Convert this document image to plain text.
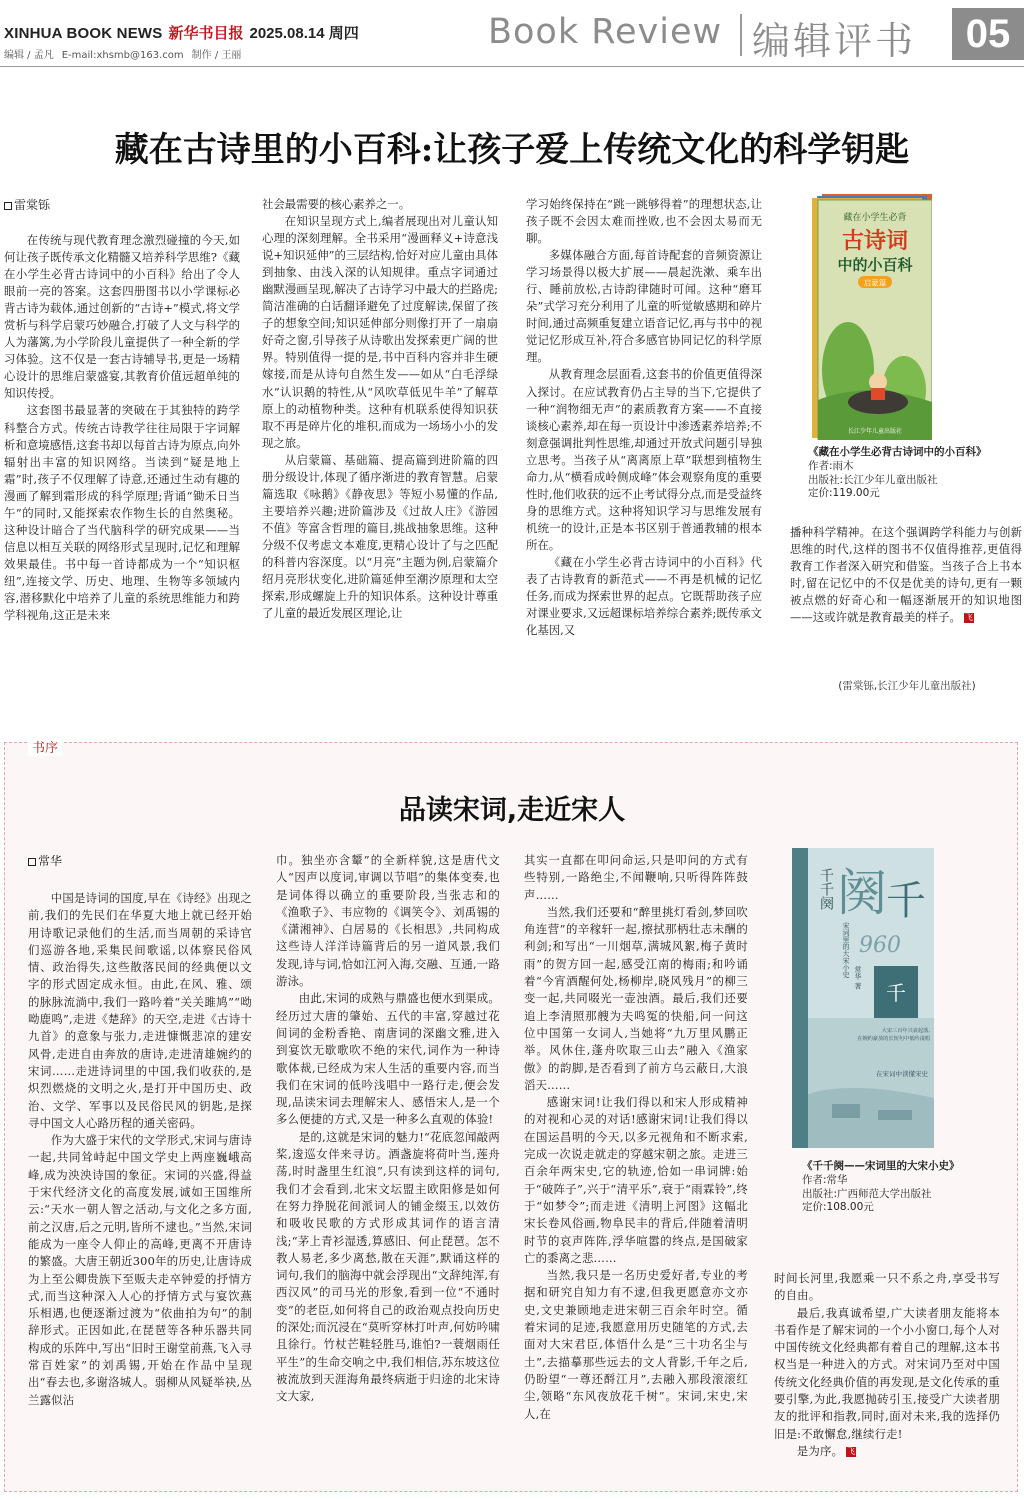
XINHUA BOOK NEWS 新华书目报 2025.08.14 周四
编辑 / 孟凡 E-mail:xhsmb@163.com 制作 / 王丽
Book Review 编辑评书	05
藏在古诗里的小百科:让孩子爱上传统文化的科学钥匙
雷棠铄

在传统与现代教育理念激烈碰撞的今天,如何让孩子既传承文化精髓又培养科学思维?《藏在小学生必背古诗词中的小百科》给出了令人眼前一亮的答案。这套四册图书以小学课标必背古诗为载体,通过创新的“古诗+”模式,将文学赏析与科学启蒙巧妙融合,打破了人文与科学的人为藩篱,为小学阶段儿童提供了一种全新的学习体验。这不仅是一套古诗辅导书,更是一场精心设计的思维启蒙盛宴,其教育价值远超单纯的知识传授。

这套图书最显著的突破在于其独特的跨学科整合方式。传统古诗教学往往局限于字词解析和意境感悟,这套书却以每首古诗为原点,向外辐射出丰富的知识网络。当读到“疑是地上霜”时,孩子不仅理解了诗意,还通过生动有趣的漫画了解到霜形成的科学原理;背诵“锄禾日当午”的同时,又能探索农作物生长的自然奥秘。这种设计暗合了当代脑科学的研究成果——当信息以相互关联的网络形式呈现时,记忆和理解效果最佳。书中每一首诗都成为一个“知识枢纽”,连接文学、历史、地理、生物等多领域内容,潜移默化中培养了儿童的系统思维能力和跨学科视角,这正是未来

社会最需要的核心素养之一。

在知识呈现方式上,编者展现出对儿童认知心理的深刻理解。全书采用“漫画释义+诗意浅说+知识延伸”的三层结构,恰好对应儿童由具体到抽象、由浅入深的认知规律。重点字词通过幽默漫画呈现,解决了古诗学习中最大的拦路虎;简洁准确的白话翻译避免了过度解读,保留了孩子的想象空间;知识延伸部分则像打开了一扇扇好奇之窗,引导孩子从诗歌出发探索更广阔的世界。特别值得一提的是,书中百科内容并非生硬嫁接,而是从诗句自然生发——如从“白毛浮绿水”认识鹅的特性,从“风吹草低见牛羊”了解草原上的动植物种类。这种有机联系使得知识获取不再是碎片化的堆积,而成为一场场小小的发现之旅。

从启蒙篇、基础篇、提高篇到进阶篇的四册分级设计,体现了循序渐进的教育智慧。启蒙篇选取《咏鹅》《静夜思》等短小易懂的作品,主要培养兴趣;进阶篇涉及《过故人庄》《游园不值》等富含哲理的篇目,挑战抽象思维。这种分级不仅考虑文本难度,更精心设计了与之匹配的科普内容深度。以“月亮”主题为例,启蒙篇介绍月亮形状变化,进阶篇延伸至潮汐原理和太空探索,形成螺旋上升的知识体系。这种设计尊重了儿童的最近发展区理论,让

学习始终保持在“跳一跳够得着”的理想状态,让孩子既不会因太难而挫败,也不会因太易而无聊。

多媒体融合方面,每首诗配套的音频资源让学习场景得以极大扩展——晨起洗漱、乘车出行、睡前放松,古诗韵律随时可闻。这种“磨耳朵”式学习充分利用了儿童的听觉敏感期和碎片时间,通过高频重复建立语音记忆,再与书中的视觉记忆形成互补,符合多感官协同记忆的科学原理。

从教育理念层面看,这套书的价值更值得深入探讨。在应试教育仍占主导的当下,它提供了一种“润物细无声”的素质教育方案——不直接谈核心素养,却在每一页设计中渗透素养培养;不刻意强调批判性思维,却通过开放式问题引导独立思考。当孩子从“离离原上草”联想到植物生命力,从“横看成岭侧成峰”体会观察角度的重要性时,他们收获的远不止考试得分点,而是受益终身的思维方式。这种将知识学习与思维发展有机统一的设计,正是本书区别于普通教辅的根本所在。

《藏在小学生必背古诗词中的小百科》代表了古诗教育的新范式——不再是机械的记忆任务,而成为探索世界的起点。它既帮助孩子应对课业要求,又远超课标培养综合素养;既传承文化基因,又

藏在小学生必背
古诗词
中的小百科
启蒙篇
长江少年儿童出版社
《藏在小学生必背古诗词中的小百科》
作者:雨木
出版社:长江少年儿童出版社
定价:119.00元

播种科学精神。在这个强调跨学科能力与创新思维的时代,这样的图书不仅值得推荐,更值得教育工作者深入研究和借鉴。当孩子合上书本时,留在记忆中的不仅是优美的诗句,更有一颗被点燃的好奇心和一幅逐渐展开的知识地图——这或许就是教育最美的样子。 飞

(雷棠铄,长江少年儿童出版社)
书序
品读宋词,走近宋人
常华

中国是诗词的国度,早在《诗经》出现之前,我们的先民们在华夏大地上就已经开始用诗歌记录他们的生活,而当周朝的采诗官们巡游各地,采集民间歌谣,以体察民俗风情、政治得失,这些散落民间的经典便以文字的形式固定成永恒。由此,在风、雅、颂的脉脉流淌中,我们一路吟着“关关雎鸠”“呦呦鹿鸣”,走进《楚辞》的天空,走进《古诗十九首》的意象与张力,走进慷慨悲凉的建安风骨,走进自由奔放的唐诗,走进清雄婉约的宋词……走进诗词里的中国,我们收获的,是炽烈燃烧的文明之火,是打开中国历史、政治、文学、军事以及民俗民风的钥匙,是探寻中国文人心路历程的通关密码。

作为大盛于宋代的文学形式,宋词与唐诗一起,共同耸峙起中国文学史上两座巍峨高峰,成为泱泱诗国的象征。宋词的兴盛,得益于宋代经济文化的高度发展,诚如王国维所云:“天水一朝人智之活动,与文化之多方面,前之汉唐,后之元明,皆所不逮也。”当然,宋词能成为一座令人仰止的高峰,更离不开唐诗的繁盛。大唐王朝近300年的历史,让唐诗成为上至公卿贵族下至贩夫走卒钟爱的抒情方式,而当这种深入人心的抒情方式与宴饮燕乐相遇,也便逐渐过渡为“依曲拍为句”的制辞形式。正因如此,在琵琶等各种乐器共同构成的乐阵中,写出“旧时王谢堂前燕,飞入寻常百姓家”的刘禹锡,开始在作品中呈现出“春去也,多谢洛城人。弱柳从风疑举袂,丛兰露似沾

巾。独坐亦含颦”的全新样貌,这是唐代文人“因声以度词,审调以节唱”的集体变奏,也是词体得以确立的重要阶段,当张志和的《渔歌子》、韦应物的《调笑令》、刘禹锡的《潇湘神》、白居易的《长相思》,共同构成这些诗人洋洋诗篇背后的另一道风景,我们发现,诗与词,恰如江河入海,交融、互通,一路游泳。

由此,宋词的成熟与鼎盛也便水到渠成。经历过大唐的肇始、五代的丰富,穿越过花间词的金粉香艳、南唐词的深幽文雅,进入到宴饮无歇歌吹不绝的宋代,词作为一种诗歌体裁,已经成为宋人生活的重要内容,而当我们在宋词的低吟浅唱中一路行走,便会发现,品读宋词去理解宋人、感悟宋人,是一个多么便捷的方式,又是一种多么直观的体验!

是的,这就是宋词的魅力!“花底忽闻敲两桨,逡巡女伴来寻访。酒盏旋将荷叶当,莲舟荡,时时盏里生红浪”,只有读到这样的词句,我们才会看到,北宋文坛盟主欧阳修是如何在努力挣脱花间派词人的铺金缀玉,以效仿和吸收民歌的方式形成其词作的语言清浅;“茅上青衫湿透,算感旧、何止琵琶。怎不教人易老,多少离愁,散在天涯”,默诵这样的词句,我们的脑海中就会浮现出“文辞纯浑,有西汉风”的司马光的形象,看到一位“不通时变”的老臣,如何将自己的政治观点投向历史的深处;而沉浸在“莫听穿林打叶声,何妨吟啸且徐行。竹杖芒鞋轻胜马,谁怕?一蓑烟雨任平生”的生命交响之中,我们相信,苏东坡这位被流放到天涯海角最终病逝于归途的北宋诗文大家,

其实一直都在叩问命运,只是叩问的方式有些特别,一路绝尘,不闻鞭响,只听得阵阵鼓声……

当然,我们还要和“醉里挑灯看剑,梦回吹角连营”的辛稼轩一起,擦拭那柄壮志未酬的利剑;和写出“一川烟草,满城风絮,梅子黄时雨”的贺方回一起,感受江南的梅雨;和吟诵着“今宵酒醒何处,杨柳岸,晓风残月”的柳三变一起,共同啜光一壶浊酒。最后,我们还要追上李清照那艘为夫鸣冤的快船,问一问这位中国第一女词人,当她将“九万里风鹏正举。风休住,蓬舟吹取三山去”融入《渔家傲》的韵脚,是否看到了前方乌云蔽日,大浪滔天……

感谢宋词!让我们得以和宋人形成精神的对视和心灵的对话!感谢宋词!让我们得以在国运昌明的今天,以多元视角和不断求索,完成一次说走就走的穿越宋朝之旅。走进三百余年两宋史,它的轨迹,恰如一串词牌:始于“破阵子”,兴于“清平乐”,衰于“雨霖铃”,终于“如梦令”;而走进《清明上河图》这幅北宋长卷风俗画,物阜民丰的背后,伴随着清明时节的哀声阵阵,浮华喧嚣的终点,是国破家亡的黍离之悲……

当然,我只是一名历史爱好者,专业的考据和研究自知力有不逮,但我更愿意亦文亦史,文史兼顾地走进宋朝三百余年时空。循着宋词的足迹,我愿意用历史随笔的方式,去面对大宋君臣,体悟什么是“三十功名尘与土”,去描摹那些远去的文人背影,千年之后,仍盼望“一尊还酹江月”,去融入那段滚滚红尘,领略“东风夜放花千树”。宋词,宋史,宋人,在

阕 千
960
千千阕
宋词里的大宋小史 常华 著
千
大宋三百年兴衰起落,
在婉约豪放的长短句中低吟浅唱
在宋词中读懂宋史
《千千阕——宋词里的大宋小史》
作者:常华
出版社:广西师范大学出版社
定价:108.00元

时间长河里,我愿乘一只不系之舟,享受书写的自由。

最后,我真诚希望,广大读者朋友能将本书看作是了解宋词的一个小小窗口,每个人对中国传统文化经典都有着自己的理解,这本书权当是一种进入的方式。对宋词乃至对中国传统文化经典价值的再发现,是文化传承的重要引擎,为此,我愿抛砖引玉,接受广大读者朋友的批评和指教,同时,面对未来,我的选择仍旧是:不敢懈怠,继续行走!

是为序。 飞
